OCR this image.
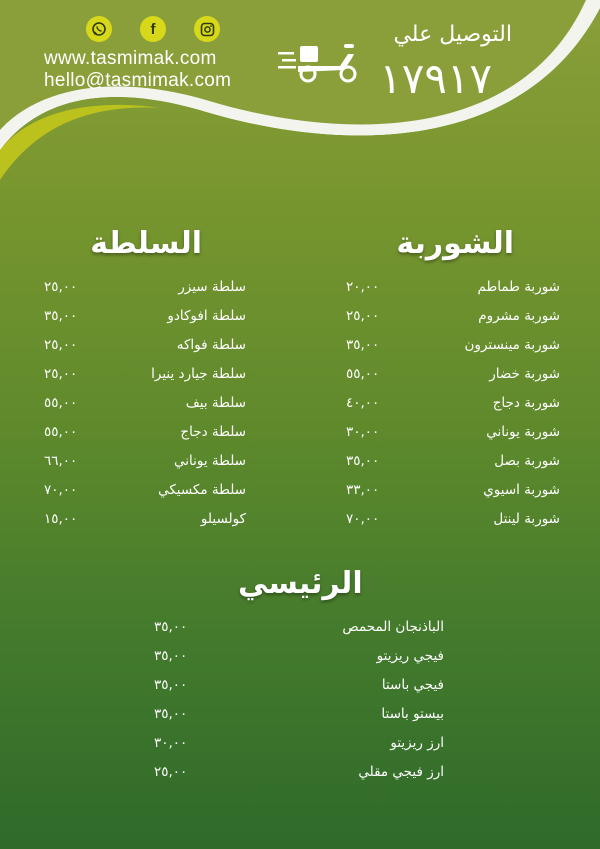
f
www.tasmimak.com
hello@tasmimak.com
التوصيل علي
١٧٩١٧
الشوربة
السلطة
الرئيسي
شوربة طماطم
٢٠,٠٠
شوربة مشروم
٢٥,٠٠
شوربة مينسترون
٣٥,٠٠
شوربة خضار
٥٥,٠٠
شوربة دجاج
٤٠,٠٠
شوربة يوناني
٣٠,٠٠
شوربة بصل
٣٥,٠٠
شوربة اسيوي
٣٣,٠٠
شوربة لينتل
٧٠,٠٠
سلطة سيزر
٢٥,٠٠
سلطة افوكادو
٣٥,٠٠
سلطة فواكه
٢٥,٠٠
سلطة جيارد ينيرا
٢٥,٠٠
سلطة بيف
٥٥,٠٠
سلطة دجاج
٥٥,٠٠
سلطة يوناني
٦٦,٠٠
سلطة مكسيكي
٧٠,٠٠
كولسيلو
١٥,٠٠
الباذنجان المحمص
٣٥,٠٠
فيجي ريزيتو
٣٥,٠٠
فيجي باستا
٣٥,٠٠
بيستو باستا
٣٥,٠٠
ارز ريزيتو
٣٠,٠٠
ارز فيجي مقلي
٢٥,٠٠
